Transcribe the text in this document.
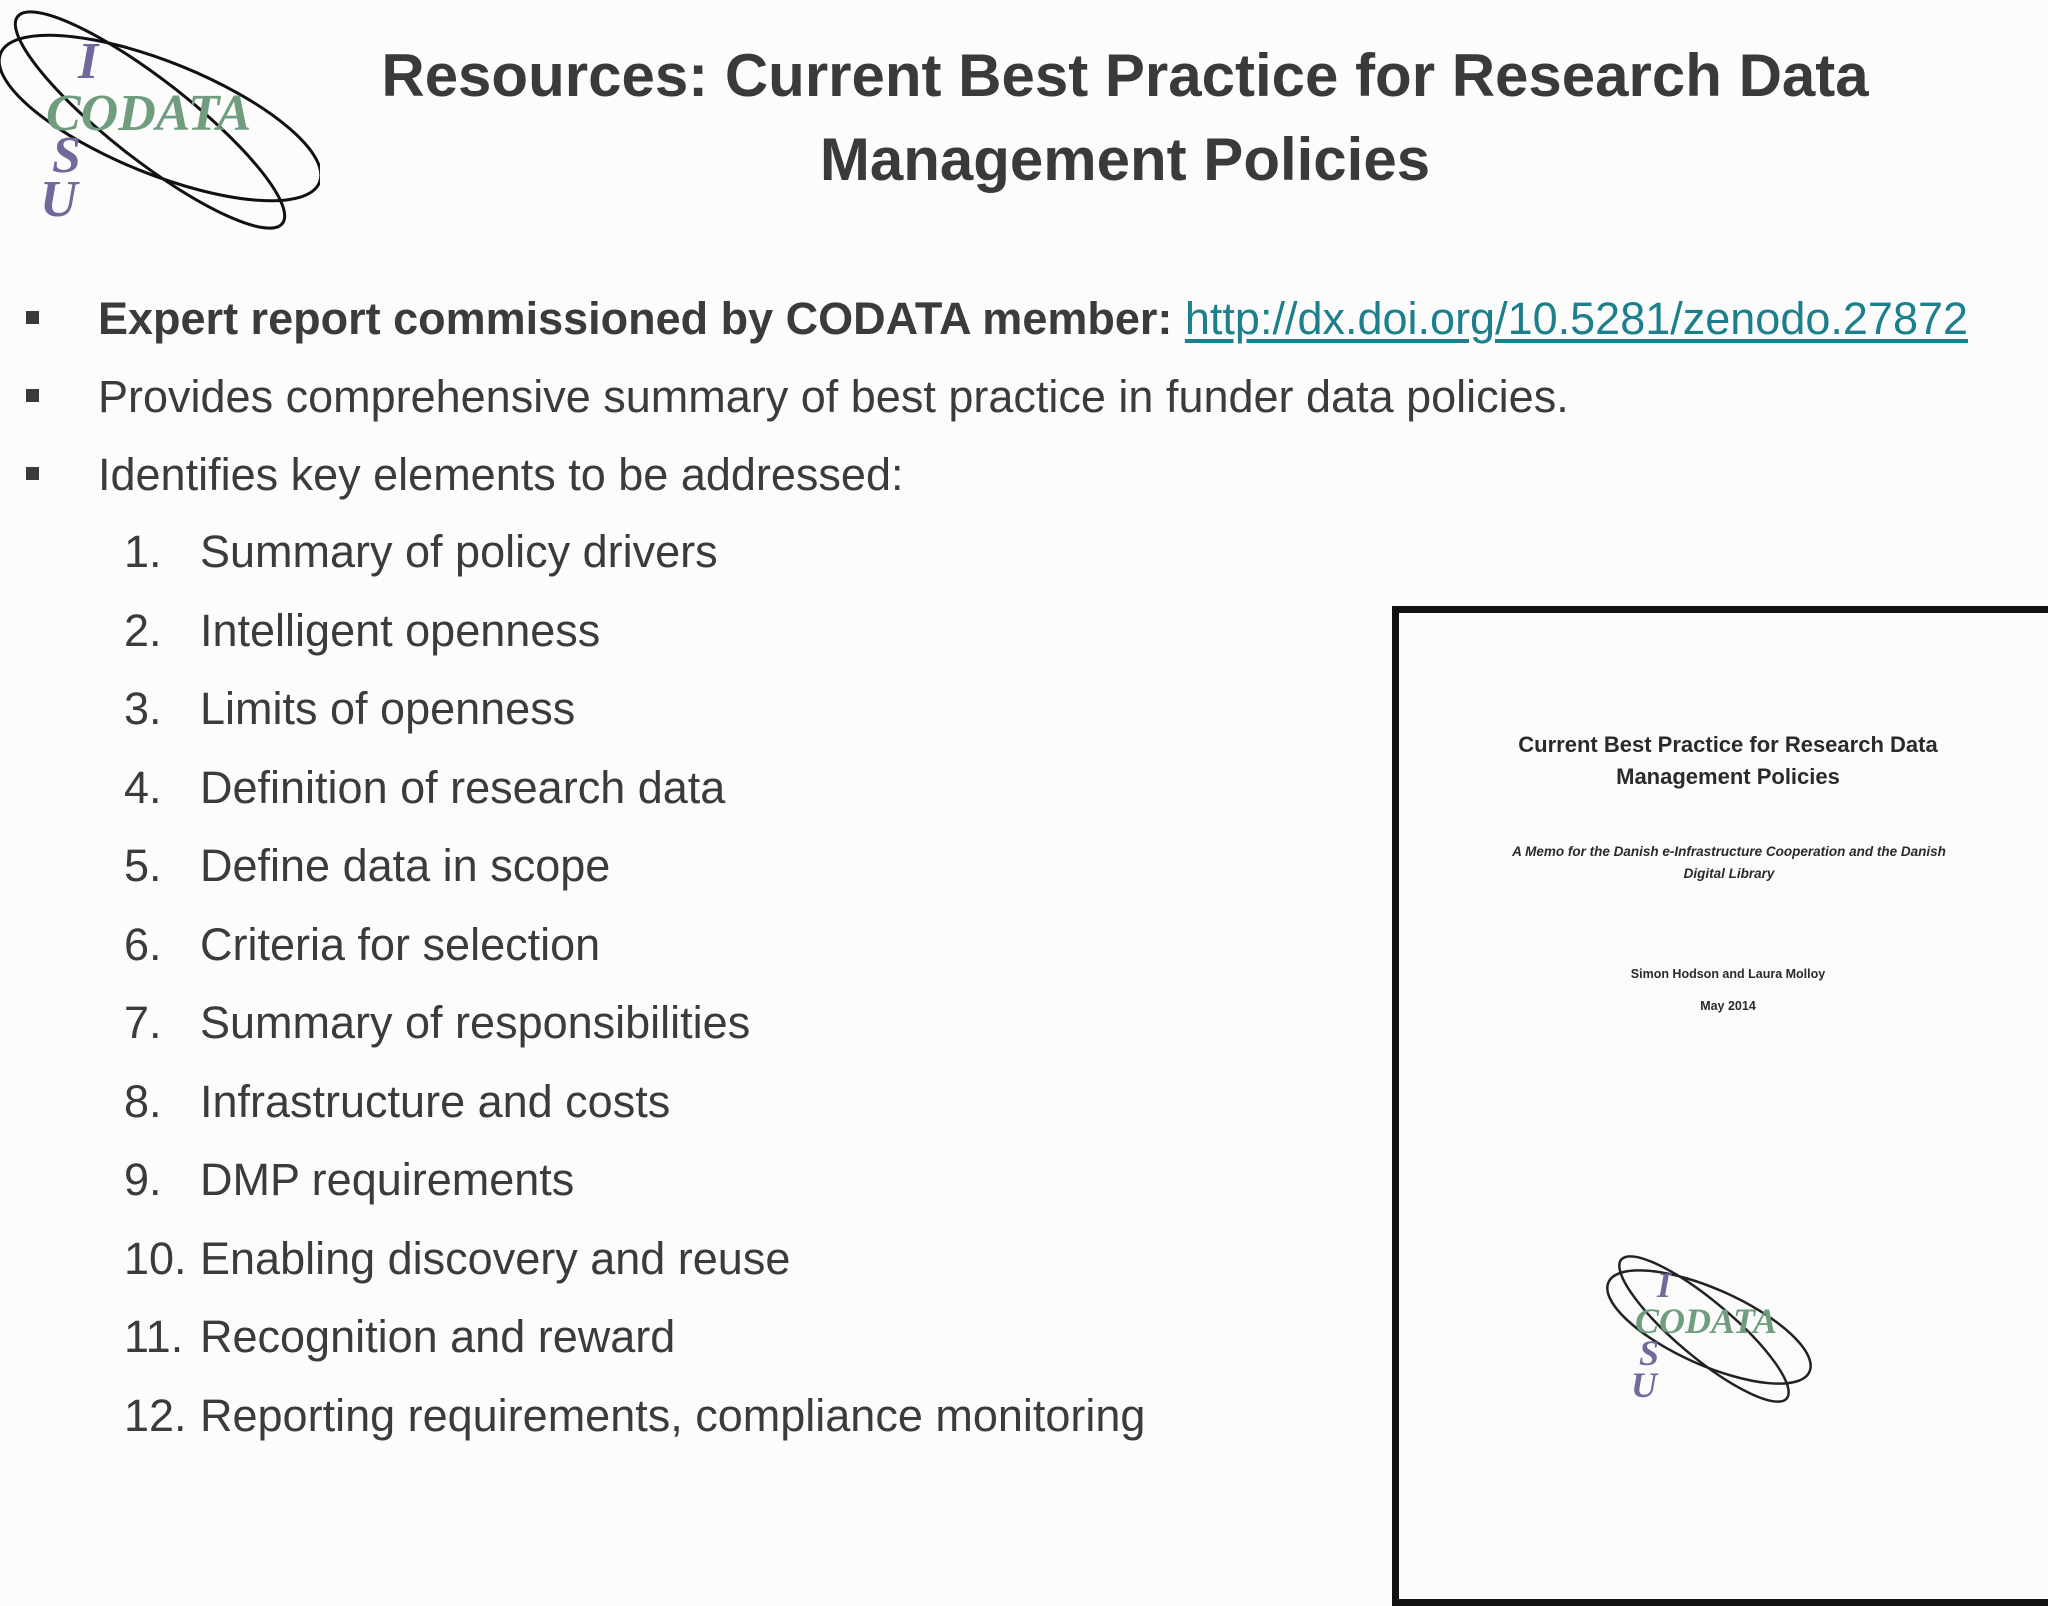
I
CODATA
S
U
Resources: Current Best Practice for Research Data
Management Policies
Expert report commissioned by CODATA member: http://dx.doi.org/10.5281/zenodo.27872
Provides comprehensive summary of best practice in funder data policies.
Identifies key elements to be addressed:
1. Summary of policy drivers
2. Intelligent openness
3. Limits of openness
4. Definition of research data
5. Define data in scope
6. Criteria for selection
7. Summary of responsibilities
8. Infrastructure and costs
9. DMP requirements
10. Enabling discovery and reuse
11. Recognition and reward
12. Reporting requirements, compliance monitoring
Current Best Practice for Research Data
Management Policies
A Memo for the Danish e-Infrastructure Cooperation and the Danish
Digital Library
Simon Hodson and Laura Molloy
May 2014
I
CODATA
S
U
